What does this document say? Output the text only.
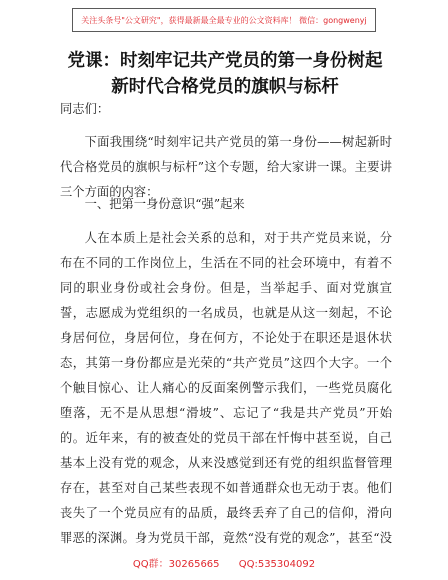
关注头条号"公文研究"，获得最新最全最专业的公文资料库！ 微信：gongwenyj
党课：时刻牢记共产党员的第一身份树起新时代合格党员的旗帜与标杆

同志们：

下面我围绕“时刻牢记共产党员的第一身份——树起新时代合格党员的旗帜与标杆”这个专题，给大家讲一课。主要讲三个方面的内容：

一、把第一身份意识“强”起来

人在本质上是社会关系的总和，对于共产党员来说，分布在不同的工作岗位上，生活在不同的社会环境中，有着不同的职业身份或社会身份。但是，当举起手、面对党旗宣誓，志愿成为党组织的一名成员，也就是从这一刻起，不论身居何位，身居何位，身在何方，不论处于在职还是退休状态，其第一身份都应是光荣的“共产党员”这四个大字。一个个触目惊心、让人痛心的反面案例警示我们，一些党员腐化堕落，无不是从思想“滑坡”、忘记了“我是共产党员”开始的。近年来，有的被查处的党员干部在忏悔中甚至说，自己基本上没有党的观念，从来没感觉到还有党的组织监督管理存在，甚至对自己某些表现不如普通群众也无动于衷。他们丧失了一个党员应有的品质，最终丢弃了自己的信仰，滑向罪恶的深渊。身为党员干部，竟然“没有党的观念”，甚至“没

QQ群：30265665 QQ:535304092
